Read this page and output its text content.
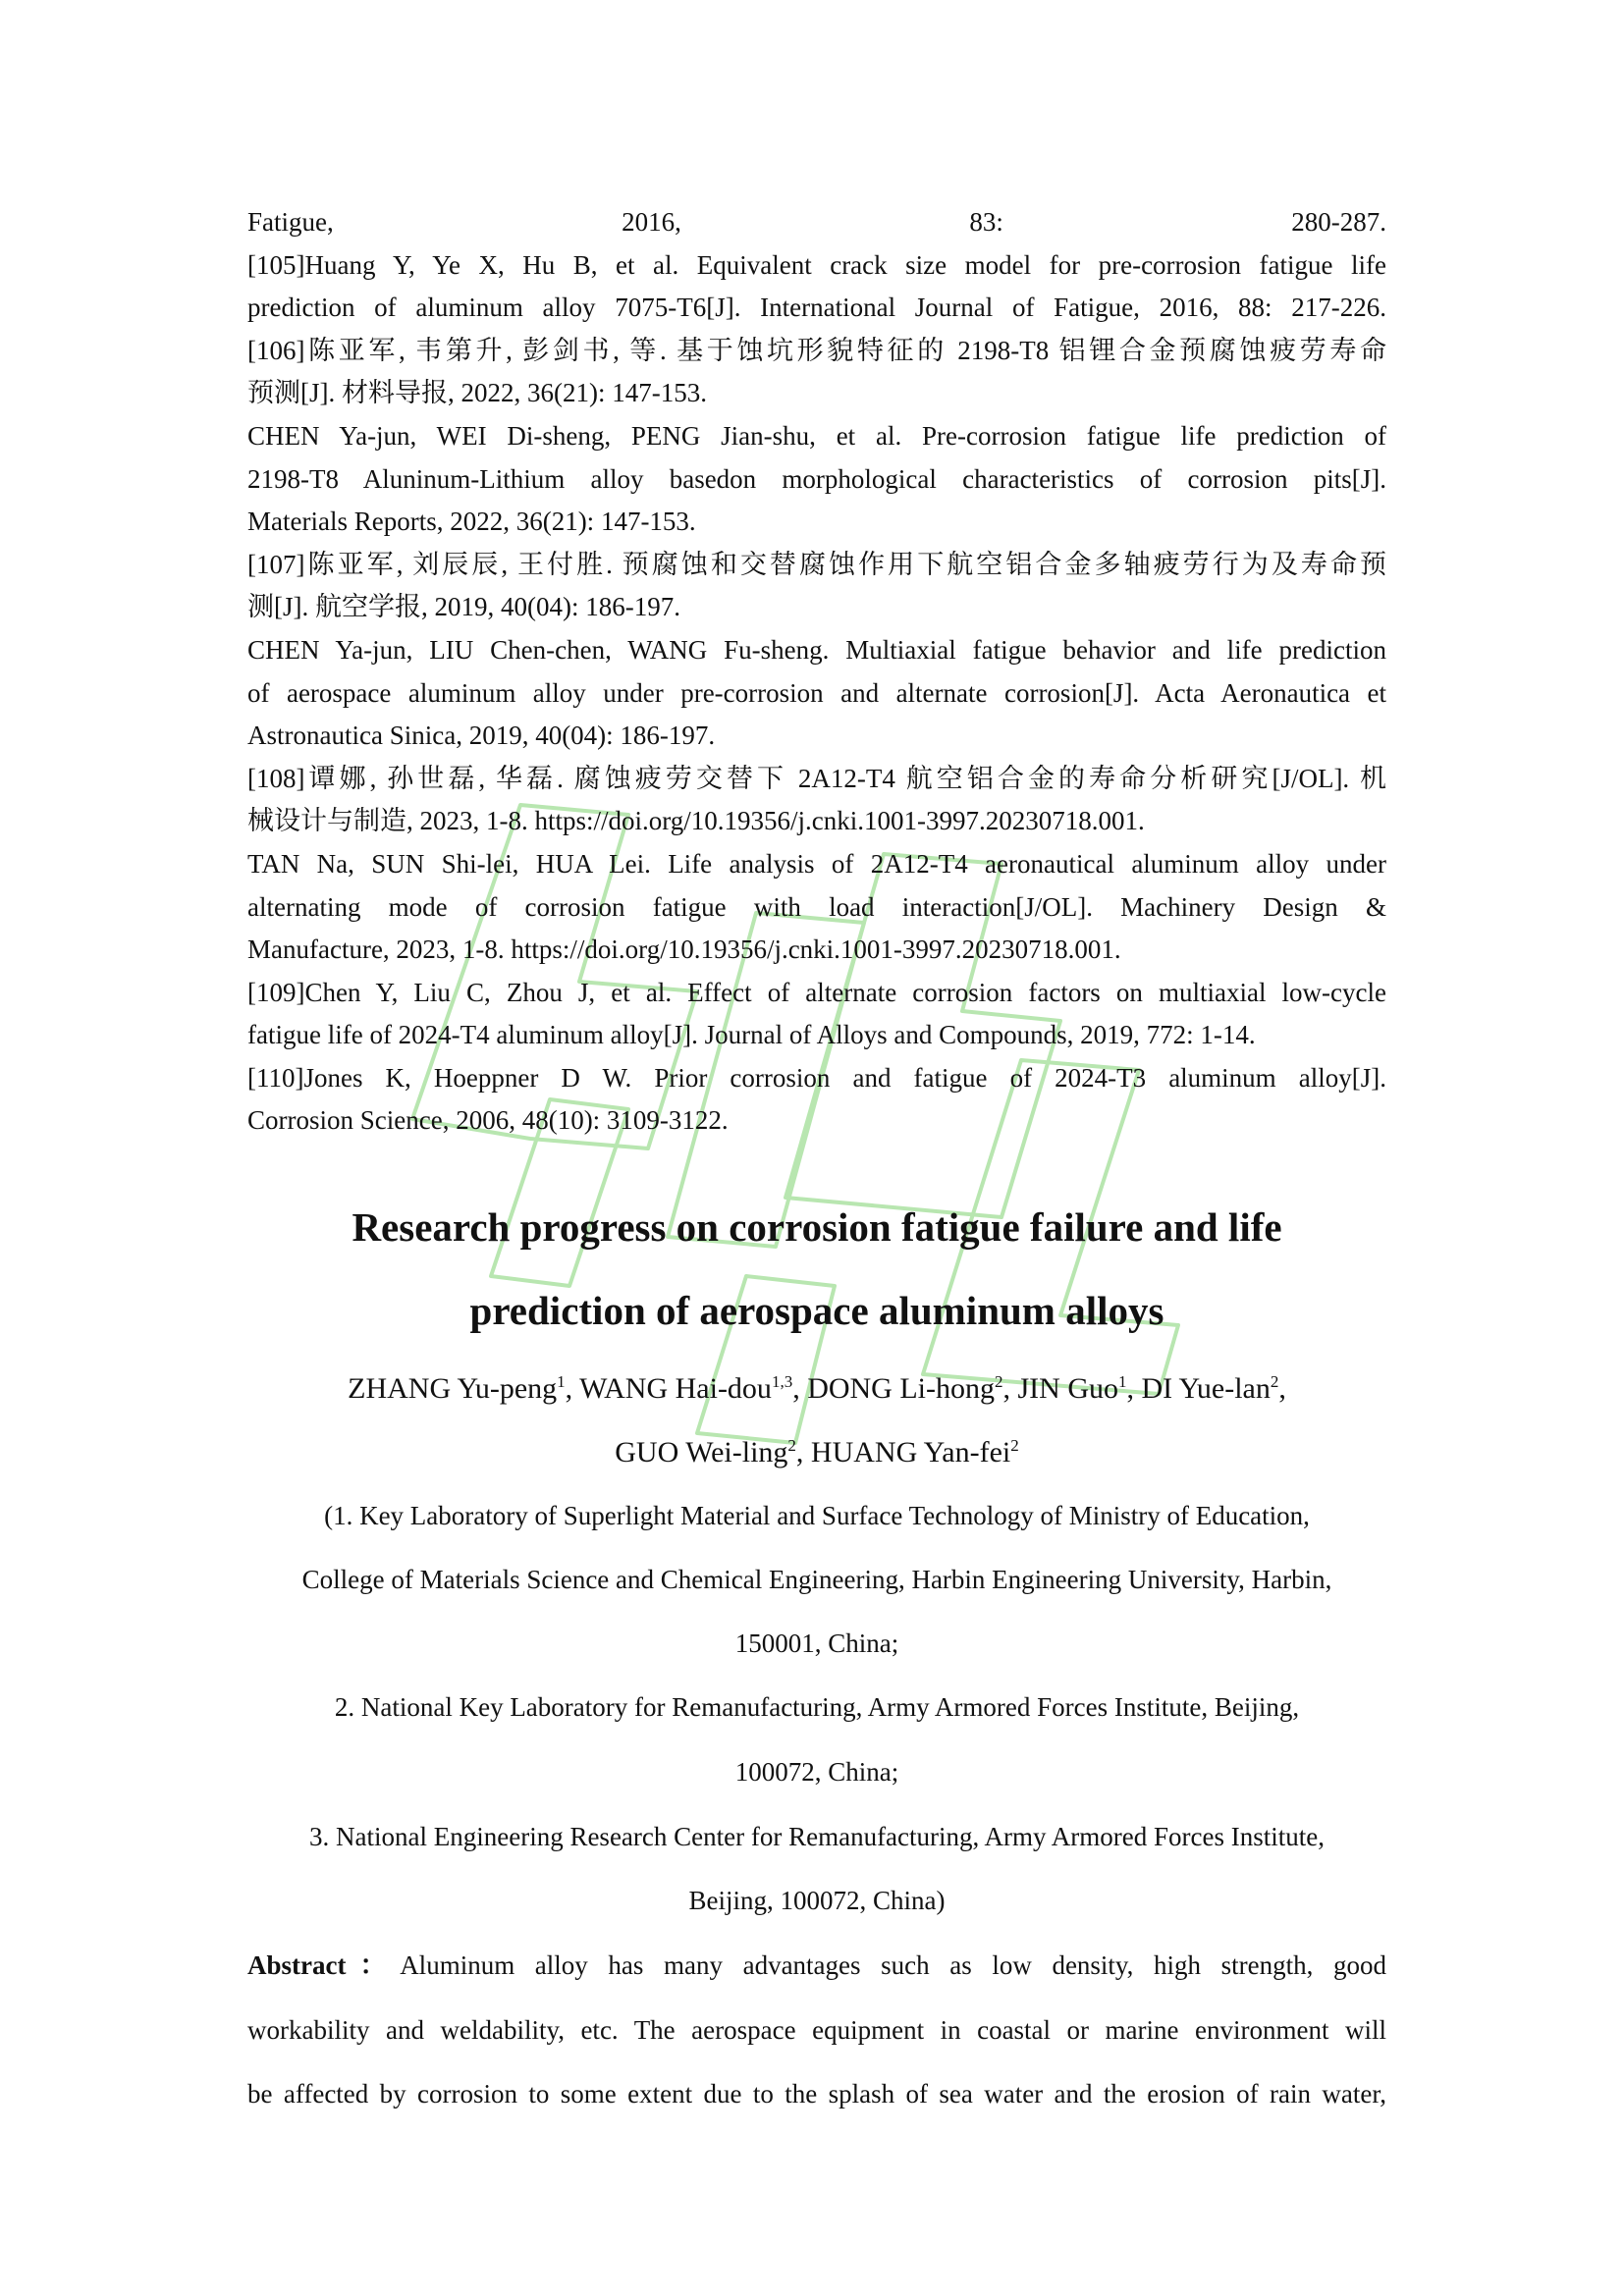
Fatigue, 2016, 83: 280-287.
[105]Huang Y, Ye X, Hu B, et al. Equivalent crack size model for pre-corrosion fatigue life
prediction of aluminum alloy 7075-T6[J]. International Journal of Fatigue, 2016, 88: 217-226.
[106]陈亚军, 韦第升, 彭剑书, 等. 基于蚀坑形貌特征的 2198-T8 铝锂合金预腐蚀疲劳寿命
预测[J]. 材料导报, 2022, 36(21): 147-153.
CHEN Ya-jun, WEI Di-sheng, PENG Jian-shu, et al. Pre-corrosion fatigue life prediction of
2198-T8 Aluninum-Lithium alloy basedon morphological characteristics of corrosion pits[J].
Materials Reports, 2022, 36(21): 147-153.
[107]陈亚军, 刘辰辰, 王付胜. 预腐蚀和交替腐蚀作用下航空铝合金多轴疲劳行为及寿命预
测[J]. 航空学报, 2019, 40(04): 186-197.
CHEN Ya-jun, LIU Chen-chen, WANG Fu-sheng. Multiaxial fatigue behavior and life prediction
of aerospace aluminum alloy under pre-corrosion and alternate corrosion[J]. Acta Aeronautica et
Astronautica Sinica, 2019, 40(04): 186-197.
[108]谭娜, 孙世磊, 华磊. 腐蚀疲劳交替下 2A12-T4 航空铝合金的寿命分析研究[J/OL]. 机
械设计与制造, 2023, 1-8. https://doi.org/10.19356/j.cnki.1001-3997.20230718.001.
TAN Na, SUN Shi-lei, HUA Lei. Life analysis of 2A12-T4 aeronautical aluminum alloy under
alternating mode of corrosion fatigue with load interaction[J/OL]. Machinery Design &
Manufacture, 2023, 1-8. https://doi.org/10.19356/j.cnki.1001-3997.20230718.001.
[109]Chen Y, Liu C, Zhou J, et al. Effect of alternate corrosion factors on multiaxial low-cycle
fatigue life of 2024-T4 aluminum alloy[J]. Journal of Alloys and Compounds, 2019, 772: 1-14.
[110]Jones K, Hoeppner D W. Prior corrosion and fatigue of 2024-T3 aluminum alloy[J].
Corrosion Science, 2006, 48(10): 3109-3122.
Research progress on corrosion fatigue failure and life
prediction of aerospace aluminum alloys
ZHANG Yu-peng$^1$, WANG Hai-dou$^{1,3}$, DONG Li-hong$^2$, JIN Guo$^1$, DI Yue-lan$^2$,
GUO Wei-ling$^2$, HUANG Yan-fei$^2$
(1. Key Laboratory of Superlight Material and Surface Technology of Ministry of Education,
College of Materials Science and Chemical Engineering, Harbin Engineering University, Harbin,
150001, China;
2. National Key Laboratory for Remanufacturing, Army Armored Forces Institute, Beijing,
100072, China;
3. National Engineering Research Center for Remanufacturing, Army Armored Forces Institute,
Beijing, 100072, China)
Abstract：Aluminum alloy has many advantages such as low density, high strength, good
workability and weldability, etc. The aerospace equipment in coastal or marine environment will
be affected by corrosion to some extent due to the splash of sea water and the erosion of rain water,
